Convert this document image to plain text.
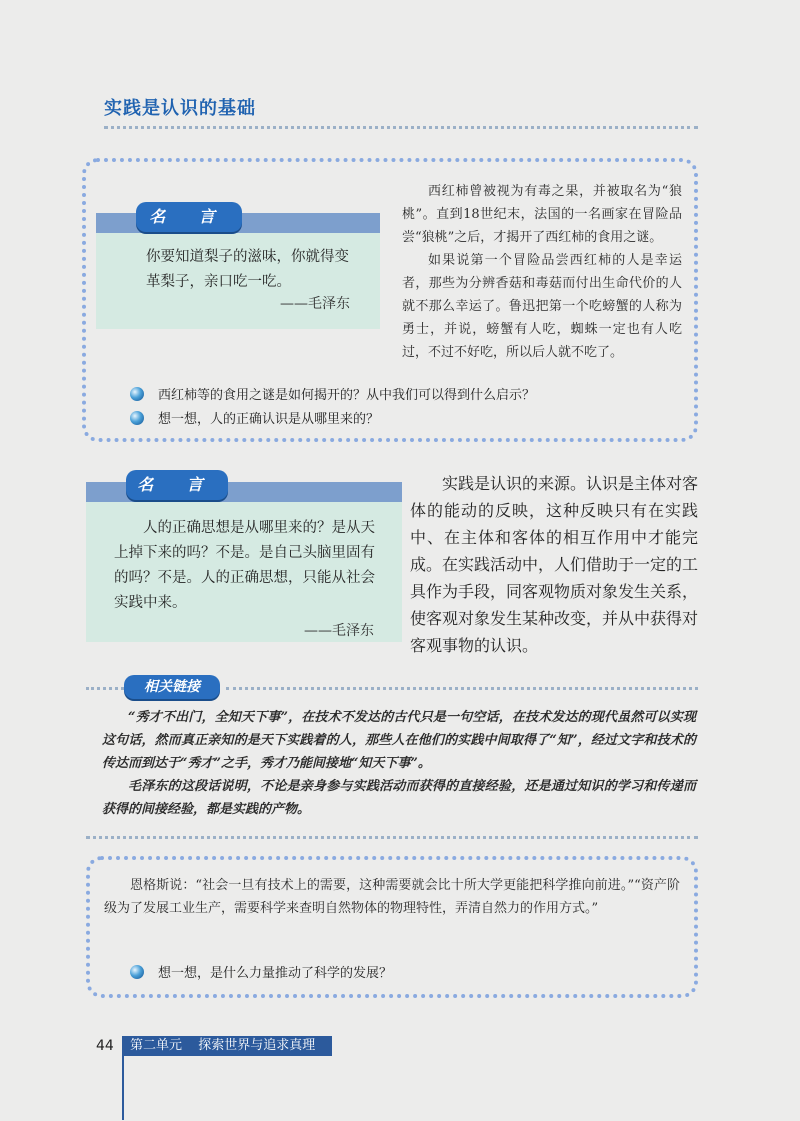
实践是认识的基础
你要知道梨子的滋味，你就得变革梨子，亲口吃一吃。
——毛泽东
名 言

西红柿曾被视为有毒之果，并被取名为“狼桃”。直到18世纪末，法国的一名画家在冒险品尝“狼桃”之后，才揭开了西红柿的食用之谜。

如果说第一个冒险品尝西红柿的人是幸运者，那些为分辨香菇和毒菇而付出生命代价的人就不那么幸运了。鲁迅把第一个吃螃蟹的人称为勇士，并说，螃蟹有人吃，蜘蛛一定也有人吃过，不过不好吃，所以后人就不吃了。

西红柿等的食用之谜是如何揭开的？从中我们可以得到什么启示？
想一想，人的正确认识是从哪里来的？
人的正确思想是从哪里来的？是从天上掉下来的吗？不是。是自己头脑里固有的吗？不是。人的正确思想，只能从社会实践中来。
——毛泽东
名 言	实践是认识的来源。认识是主体对客体的能动的反映，这种反映只有在实践中、在主体和客体的相互作用中才能完成。在实践活动中，人们借助于一定的工具作为手段，同客观物质对象发生关系，使客观对象发生某种改变，并从中获得对客观事物的认识。

相关链接

“秀才不出门，全知天下事”，在技术不发达的古代只是一句空话，在技术发达的现代虽然可以实现这句话，然而真正亲知的是天下实践着的人，那些人在他们的实践中间取得了“知”，经过文字和技术的传达而到达于“秀才”之手，秀才乃能间接地“知天下事”。

毛泽东的这段话说明，不论是亲身参与实践活动而获得的直接经验，还是通过知识的学习和传递而获得的间接经验，都是实践的产物。

恩格斯说：“社会一旦有技术上的需要，这种需要就会比十所大学更能把科学推向前进。”“资产阶级为了发展工业生产，需要科学来查明自然物体的物理特性，弄清自然力的作用方式。”

想一想，是什么力量推动了科学的发展？
44	第二单元 探索世界与追求真理
